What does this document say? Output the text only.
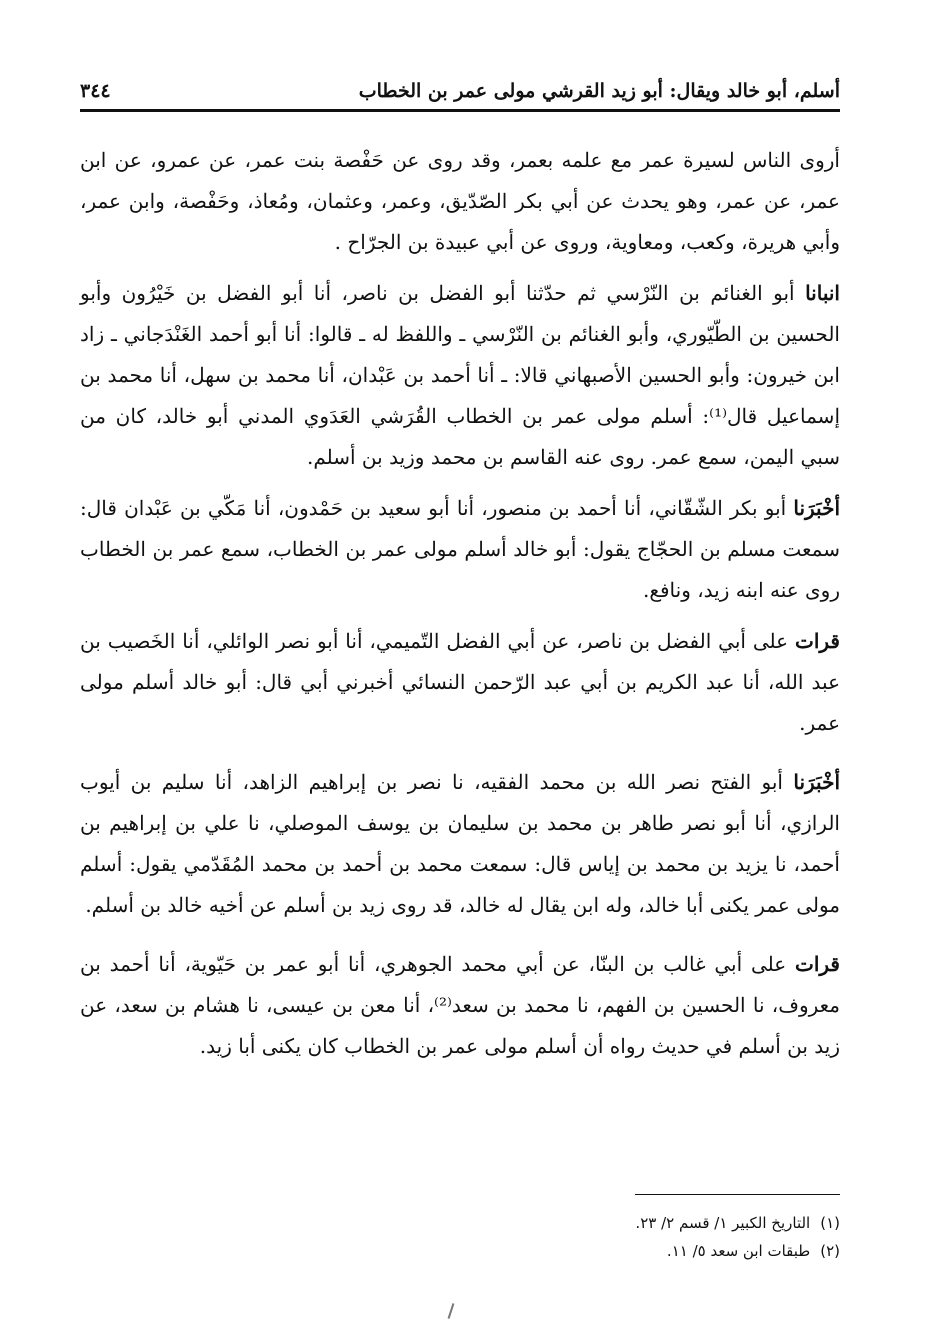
أسلم، أبو خالد ويقال: أبو زيد القرشي مولى عمر بن الخطاب
٣٤٤

أروى الناس لسيرة عمر مع علمه بعمر، وقد روى عن حَفْصة بنت عمر، عن عمرو، عن ابن عمر، عن عمر، وهو يحدث عن أبي بكر الصّدّيق، وعمر، وعثمان، ومُعاذ، وحَفْصة، وابن عمر، وأبي هريرة، وكعب، ومعاوية، وروى عن أبي عبيدة بن الجرّاح .

انبانا أبو الغنائم بن النّرْسي ثم حدّثنا أبو الفضل بن ناصر، أنا أبو الفضل بن خَيْرُون وأبو الحسين بن الطّيّوري، وأبو الغنائم بن النّرْسي ـ واللفظ له ـ قالوا: أنا أبو أحمد الغَنْدَجاني ـ زاد ابن خيرون: وأبو الحسين الأصبهاني قالا: ـ أنا أحمد بن عَبْدان، أنا محمد بن سهل، أنا محمد بن إسماعيل قال⁽¹⁾: أسلم مولى عمر بن الخطاب القُرَشي العَدَوي المدني أبو خالد، كان من سبي اليمن، سمع عمر. روى عنه القاسم بن محمد وزيد بن أسلم.

أخْبَرَنا أبو بكر الشّقّاني، أنا أحمد بن منصور، أنا أبو سعيد بن حَمْدون، أنا مَكّي بن عَبْدان قال: سمعت مسلم بن الحجّاج يقول: أبو خالد أسلم مولى عمر بن الخطاب، سمع عمر بن الخطاب روى عنه ابنه زيد، ونافع.

قرات على أبي الفضل بن ناصر، عن أبي الفضل التّميمي، أنا أبو نصر الوائلي، أنا الخَصيب بن عبد الله، أنا عبد الكريم بن أبي عبد الرّحمن النسائي أخبرني أبي قال: أبو خالد أسلم مولى عمر.

أخْبَرَنا أبو الفتح نصر الله بن محمد الفقيه، نا نصر بن إبراهيم الزاهد، أنا سليم بن أيوب الرازي، أنا أبو نصر طاهر بن محمد بن سليمان بن يوسف الموصلي، نا علي بن إبراهيم بن أحمد، نا يزيد بن محمد بن إياس قال: سمعت محمد بن أحمد بن محمد المُقَدّمي يقول: أسلم مولى عمر يكنى أبا خالد، وله ابن يقال له خالد، قد روى زيد بن أسلم عن أخيه خالد بن أسلم.

قرات على أبي غالب بن البنّا، عن أبي محمد الجوهري، أنا أبو عمر بن حَيّوية، أنا أحمد بن معروف، نا الحسين بن الفهم، نا محمد بن سعد⁽²⁾، أنا معن بن عيسى، نا هشام بن سعد، عن زيد بن أسلم في حديث رواه أن أسلم مولى عمر بن الخطاب كان يكنى أبا زيد.

(١)
التاريخ الكبير ١/ قسم ٢/ ٢٣.
(٢)
طبقات ابن سعد ٥/ ١١.
